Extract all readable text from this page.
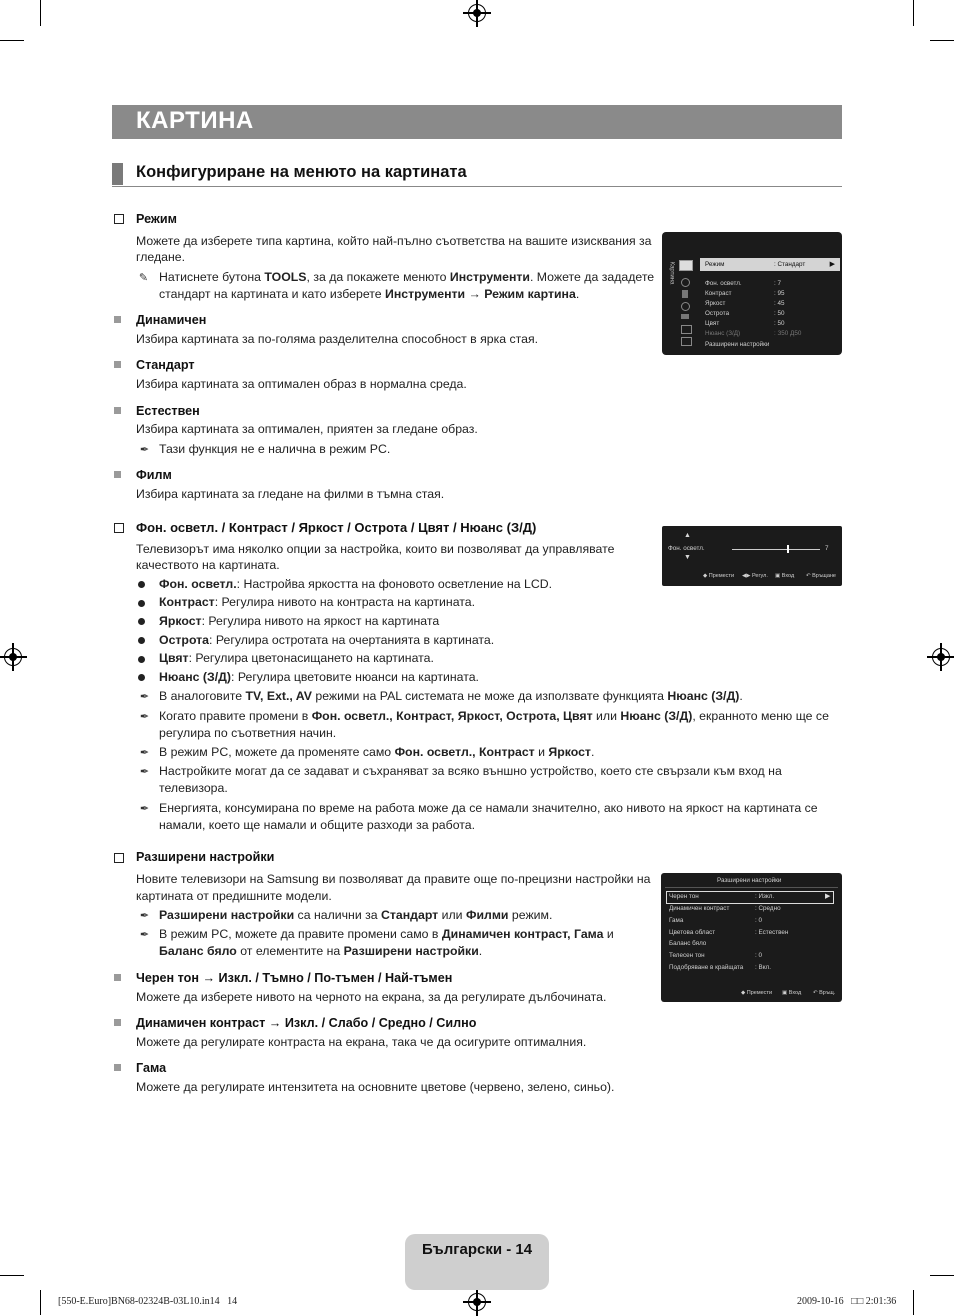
КАРТИНА
Конфигуриране на менюто на картината
Режим
Можете да изберете типа картина, който най-пълно съответства на вашите изисквания за
гледане.
✎ Натиснете бутона TOOLS, за да покажете менюто Инструменти. Можете да зададете
стандарт на картината и като изберете Инструменти → Режим картина.
Динамичен
Избира картината за по-голяма разделителна способност в ярка стая.
Стандарт
Избира картината за оптимален образ в нормална среда.
Естествен
Избира картината за оптимален, приятен за гледане образ.
✒ Тази функция не е налична в режим PC.
Филм
Избира картината за гледане на филми в тъмна стая.
Картина	Режим	: Стандарт	▶
Фон. осветл.	: 7
Контраст	: 95
Яркост	: 45
Острота	: 50
Цвят	: 50
Нюанс (З/Д)	: З50 Д50
Разширени настройки
Фон. осветл. / Контраст / Яркост / Острота / Цвят / Нюанс (З/Д)
Телевизорът има няколко опции за настройка, които ви позволяват да управлявате
качеството на картината.
Фон. осветл.: Настройва яркостта на фоновото осветление на LCD.
Контраст: Регулира нивото на контраста на картината.
Яркост: Регулира нивото на яркост на картината
Острота: Регулира остротата на очертанията в картината.
Цвят: Регулира цветонасищането на картината.
Нюанс (З/Д): Регулира цветовите нюанси на картината.
✒ В аналоговите TV, Ext., AV режими на PAL системата не може да използвате функцията Нюанс (З/Д).
✒ Когато правите промени в Фон. осветл., Контраст, Яркост, Острота, Цвят или Нюанс (З/Д), екранното меню ще се
регулира по съответния начин.
✒ В режим PC, можете да променяте само Фон. осветл., Контраст и Яркост.
✒ Настройките могат да се задават и съхраняват за всяко външно устройство, което сте свързали към вход на
телевизора.
✒ Енергията, консумирана по време на работа може да се намали значително, ако нивото на яркост на картината се
намали, което ще намали и общите разходи за работа.
▲
Фон. осветл.
▼
7
◆ Премести ◀▶ Регул. ▣ Вход ↶ Връщане
Разширени настройки
Новите телевизори на Samsung ви позволяват да правите още по-прецизни настройки на
картината от предишните модели.
✒ Разширени настройки са налични за Стандарт или Филми режим.
✒ В режим PC, можете да правите промени само в Динамичен контраст, Гама и
Баланс бяло от елементите на Разширени настройки.
Черен тон → Изкл. / Тъмно / По-тъмен / Най-тъмен
Можете да изберете нивото на черното на екрана, за да регулирате дълбочината.
Динамичен контраст → Изкл. / Слабо / Средно / Силно
Можете да регулирате контраста на екрана, така че да осигурите оптималния.
Гама
Можете да регулирате интензитета на основните цветове (червено, зелено, синьо).
Разширени настройки
Черен тон	: Изкл.	▶
Динамичен контраст	: Средно
Гама	: 0
Цветова област	: Естествен
Баланс бяло
Телесен тон	: 0
Подобряване в крайщата : Вкл.
◆ Премести ▣ Вход ↶ Връщ.
Български - 14
[550-E.Euro]BN68-02324B-03L10.in14   14	2009-10-16   □□ 2:01:36
